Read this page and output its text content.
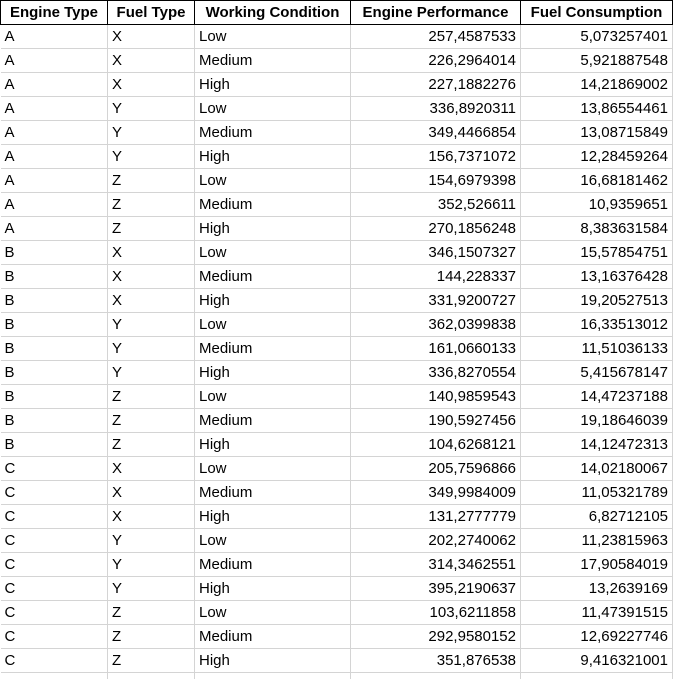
Engine Type	Fuel Type	Working Condition	Engine Performance	Fuel Consumption
A	X	Low	257,4587533	5,073257401
A	X	Medium	226,2964014	5,921887548
A	X	High	227,1882276	14,21869002
A	Y	Low	336,8920311	13,86554461
A	Y	Medium	349,4466854	13,08715849
A	Y	High	156,7371072	12,28459264
A	Z	Low	154,6979398	16,68181462
A	Z	Medium	352,526611	10,9359651
A	Z	High	270,1856248	8,383631584
B	X	Low	346,1507327	15,57854751
B	X	Medium	144,228337	13,16376428
B	X	High	331,9200727	19,20527513
B	Y	Low	362,0399838	16,33513012
B	Y	Medium	161,0660133	11,51036133
B	Y	High	336,8270554	5,415678147
B	Z	Low	140,9859543	14,47237188
B	Z	Medium	190,5927456	19,18646039
B	Z	High	104,6268121	14,12472313
C	X	Low	205,7596866	14,02180067
C	X	Medium	349,9984009	11,05321789
C	X	High	131,2777779	6,82712105
C	Y	Low	202,2740062	11,23815963
C	Y	Medium	314,3462551	17,90584019
C	Y	High	395,2190637	13,2639169
C	Z	Low	103,6211858	11,47391515
C	Z	Medium	292,9580152	12,69227746
C	Z	High	351,876538	9,416321001
